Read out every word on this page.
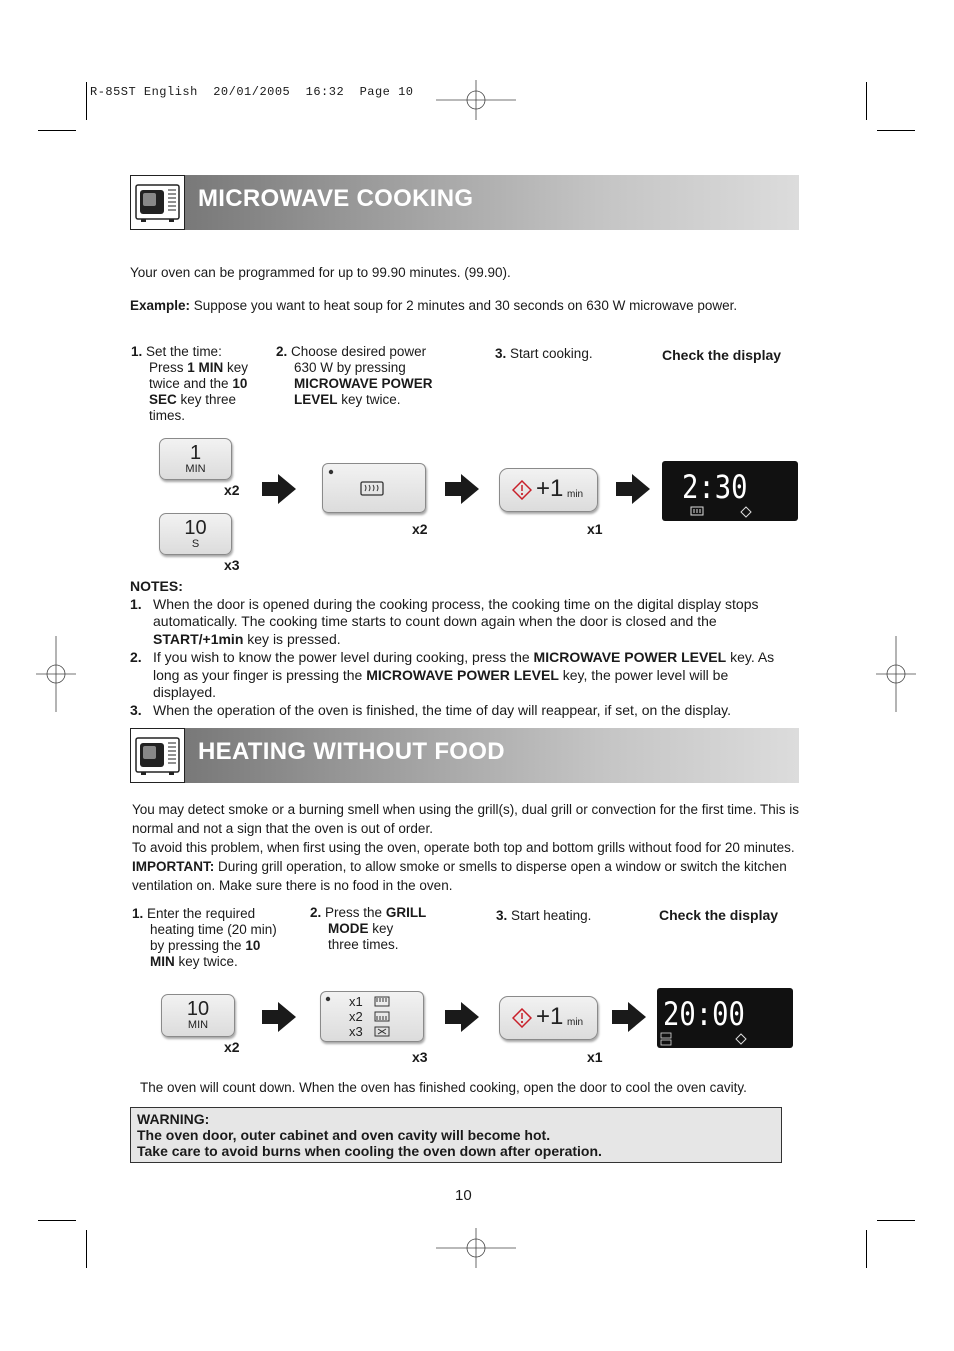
R-85ST English 20/01/2005 16:32 Page 10
MICROWAVE COOKING
Your oven can be programmed for up to 99.90 minutes. (99.90).
Example: Suppose you want to heat soup for 2 minutes and 30 seconds on 630 W microwave power.
1. Set the time:
Press 1 MIN key
twice and the 10
SEC key three
times.
2. Choose desired power
630 W by pressing
MICROWAVE POWER
LEVEL key twice.
3. Start cooking.	Check the display
1
MIN
x2
10
S
x3
x2
+1 min
x1
2:30
NOTES:
1. When the door is opened during the cooking process, the cooking time on the digital display stops automatically. The cooking time starts to count down again when the door is closed and the START/+1min key is pressed.
2. If you wish to know the power level during cooking, press the MICROWAVE POWER LEVEL key. As long as your finger is pressing the MICROWAVE POWER LEVEL key, the power level will be displayed.
3. When the operation of the oven is finished, the time of day will reappear, if set, on the display.
HEATING WITHOUT FOOD
You may detect smoke or a burning smell when using the grill(s), dual grill or convection for the first time. This is normal and not a sign that the oven is out of order.
To avoid this problem, when first using the oven, operate both top and bottom grills without food for 20 minutes.
IMPORTANT: During grill operation, to allow smoke or smells to disperse open a window or switch the kitchen ventilation on. Make sure there is no food in the oven.
1. Enter the required
heating time (20 min)
by pressing the 10
MIN key twice.
2. Press the GRILL
MODE key
three times.
3. Start heating.	Check the display
10
MIN
x2
x1
x2
x3
x3
+1 min
x1
20:00
The oven will count down. When the oven has finished cooking, open the door to cool the oven cavity.
WARNING:
The oven door, outer cabinet and oven cavity will become hot.
Take care to avoid burns when cooling the oven down after operation.
10
